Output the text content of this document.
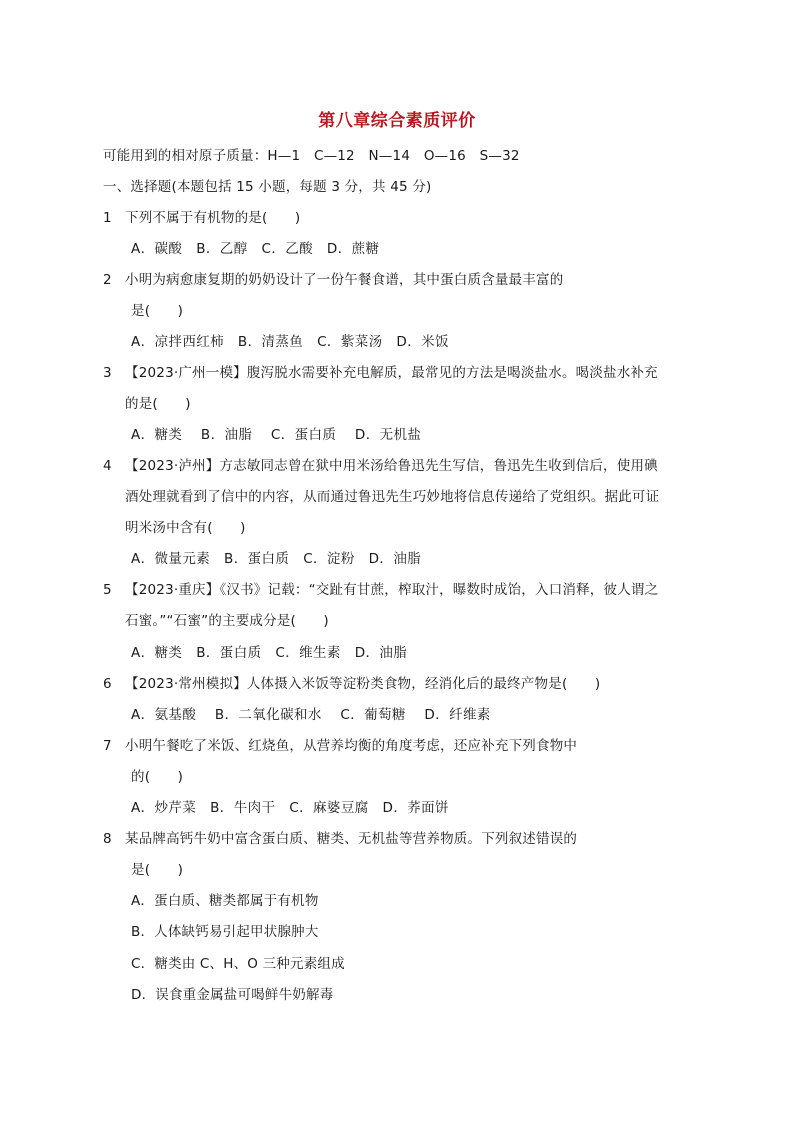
第八章综合素质评价
可能用到的相对原子质量：H—1　C—12　N—14　O—16　S—32
一、选择题(本题包括 15 小题，每题 3 分，共 45 分)
1 下列不属于有机物的是(　　)
A．碳酸　B．乙醇　C．乙酸　D．蔗糖
2 小明为病愈康复期的奶奶设计了一份午餐食谱，其中蛋白质含量最丰富的
是(　　)
A．凉拌西红柿　B．清蒸鱼　C．紫菜汤　D．米饭
3 【2023·广州一模】腹泻脱水需要补充电解质，最常见的方法是喝淡盐水。喝淡盐水补充
的是(　　)
A．糖类　 B．油脂　 C．蛋白质　 D．无机盐
4 【2023·泸州】方志敏同志曾在狱中用米汤给鲁迅先生写信，鲁迅先生收到信后，使用碘
酒处理就看到了信中的内容，从而通过鲁迅先生巧妙地将信息传递给了党组织。据此可证
明米汤中含有(　　)
A．微量元素　B．蛋白质　C．淀粉　D．油脂
5 【2023·重庆】《汉书》记载：“交趾有甘蔗，榨取汁，曝数时成饴，入口消释，彼人谓之
石蜜。”“石蜜”的主要成分是(　　)
A．糖类　B．蛋白质　C．维生素　D．油脂
6 【2023·常州模拟】人体摄入米饭等淀粉类食物，经消化后的最终产物是(　　)
A．氨基酸　 B．二氧化碳和水　 C．葡萄糖　 D．纤维素
7 小明午餐吃了米饭、红烧鱼，从营养均衡的角度考虑，还应补充下列食物中
的(　　)
A．炒芹菜　B．牛肉干　C．麻婆豆腐　D．荞面饼
8 某品牌高钙牛奶中富含蛋白质、糖类、无机盐等营养物质。下列叙述错误的
是(　　)
A．蛋白质、糖类都属于有机物
B．人体缺钙易引起甲状腺肿大
C．糖类由 C、H、O 三种元素组成
D．误食重金属盐可喝鲜牛奶解毒
